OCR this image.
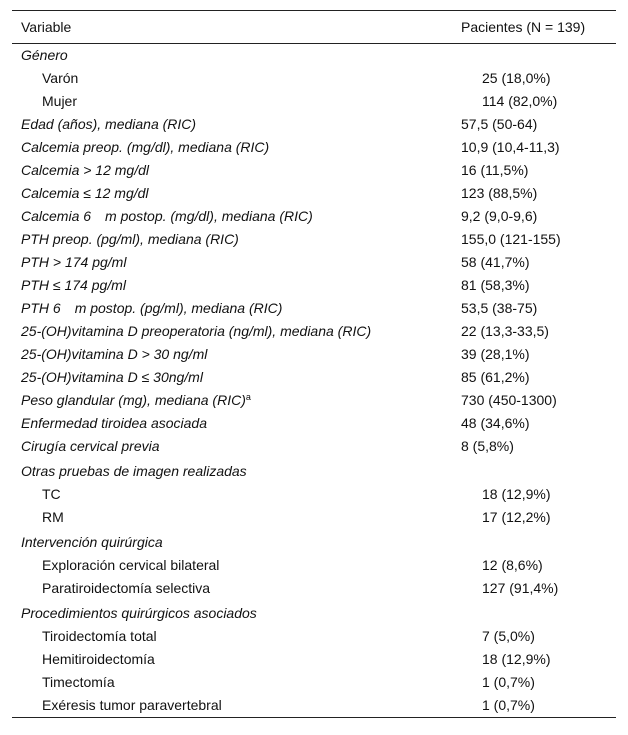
Variable	Pacientes (N = 139)
Género
Varón	25 (18,0%)
Mujer	114 (82,0%)
Edad (años), mediana (RIC)	57,5 (50-64)
Calcemia preop. (mg/dl), mediana (RIC)	10,9 (10,4-11,3)
Calcemia > 12 mg/dl	16 (11,5%)
Calcemia ≤ 12 mg/dl	123 (88,5%)
Calcemia 6 m postop. (mg/dl), mediana (RIC)	9,2 (9,0-9,6)
PTH preop. (pg/ml), mediana (RIC)	155,0 (121-155)
PTH > 174 pg/ml	58 (41,7%)
PTH ≤ 174 pg/ml	81 (58,3%)
PTH 6 m postop. (pg/ml), mediana (RIC)	53,5 (38-75)
25-(OH)vitamina D preoperatoria (ng/ml), mediana (RIC)	22 (13,3-33,5)
25-(OH)vitamina D > 30 ng/ml	39 (28,1%)
25-(OH)vitamina D ≤ 30ng/ml	85 (61,2%)
Peso glandular (mg), mediana (RIC)$^a$	730 (450-1300)
Enfermedad tiroidea asociada	48 (34,6%)
Cirugía cervical previa	8 (5,8%)
Otras pruebas de imagen realizadas
TC	18 (12,9%)
RM	17 (12,2%)
Intervención quirúrgica
Exploración cervical bilateral	12 (8,6%)
Paratiroidectomía selectiva	127 (91,4%)
Procedimientos quirúrgicos asociados
Tiroidectomía total	7 (5,0%)
Hemitiroidectomía	18 (12,9%)
Timectomía	1 (0,7%)
Exéresis tumor paravertebral	1 (0,7%)
